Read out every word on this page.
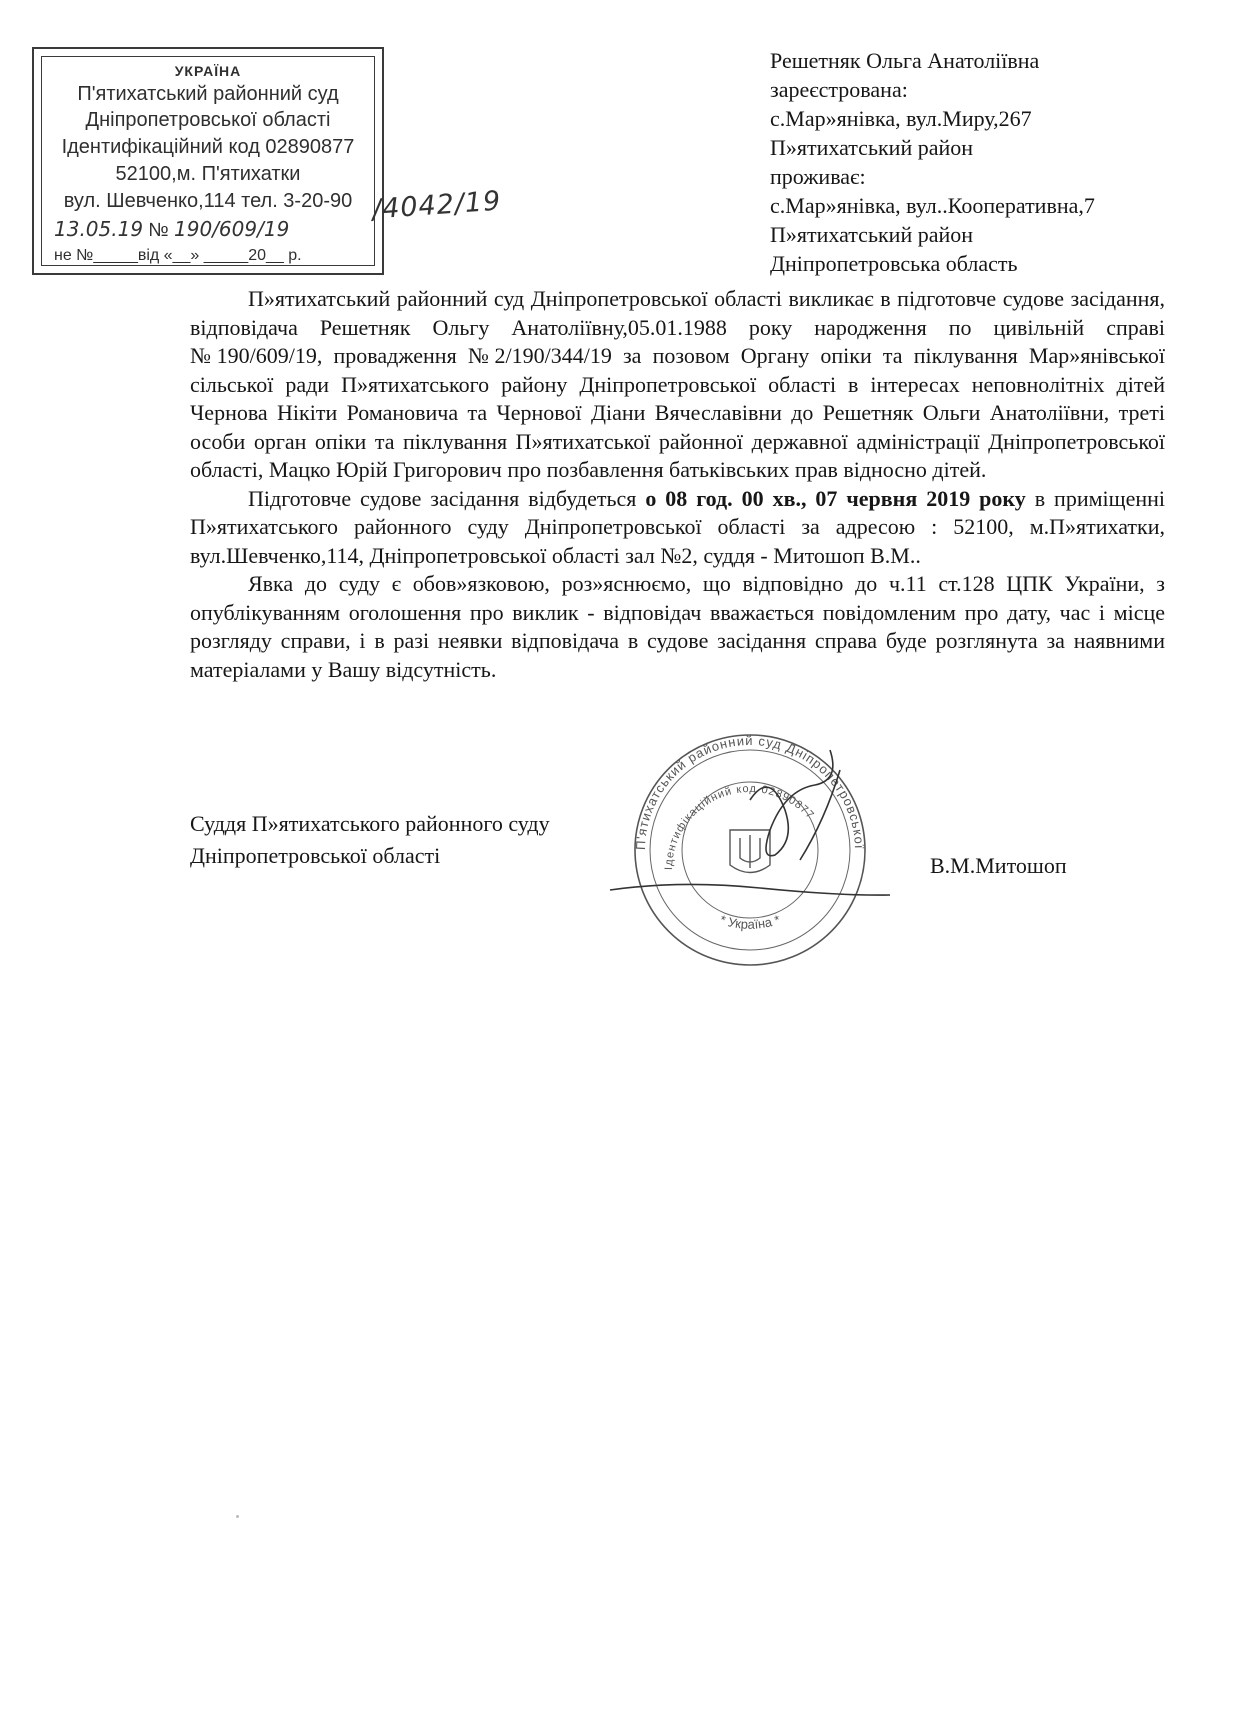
УКРАЇНА
П'ятихатський районний суд
Дніпропетровської області
Ідентифікаційний код 02890877
52100,м. П'ятихатки
вул. Шевченко,114 тел. 3-20-90
13.05.19 № 190/609/19
не №_____від «__» _____20__ р.
/4042/19
Решетняк Ольга Анатоліївна
зареєстрована:
с.Мар»янівка, вул.Миру,267
П»ятихатський район
проживає:
с.Мар»янівка, вул..Кооперативна,7
П»ятихатський район
Дніпропетровська область

П»ятихатський районний суд Дніпропетровської області викликає в підготовче судове засідання, відповідача Решетняк Ольгу Анатоліївну,05.01.1988 року народження по цивільній справі №190/609/19, провадження №2/190/344/19 за позовом Органу опіки та піклування Мар»янівської сільської ради П»ятихатського району Дніпропетровської області в інтересах неповнолітніх дітей Чернова Нікіти Романовича та Чернової Діани Вячеславівни до Решетняк Ольги Анатоліївни, треті особи орган опіки та піклування П»ятихатської районної державної адміністрації Дніпропетровської області, Мацко Юрій Григорович про позбавлення батьківських прав відносно дітей.

Підготовче судове засідання відбудеться о 08 год. 00 хв., 07 червня 2019 року в приміщенні П»ятихатського районного суду Дніпропетровської області за адресою : 52100, м.П»ятихатки, вул.Шевченко,114, Дніпропетровської області зал №2, суддя - Митошоп В.М..

Явка до суду є обов»язковою, роз»яснюємо, що відповідно до ч.11 ст.128 ЦПК України, з опублікуванням оголошення про виклик - відповідач вважається повідомленим про дату, час і місце розгляду справи, і в разі неявки відповідача в судове засідання справа буде розглянута за наявними матеріалами у Вашу відсутність.

Суддя П»ятихатського районного суду
Дніпропетровської області	В.М.Митошоп
П'ятихатський районний суд Дніпропетровської
Ідентифікаційний код 02890877
* Україна *
